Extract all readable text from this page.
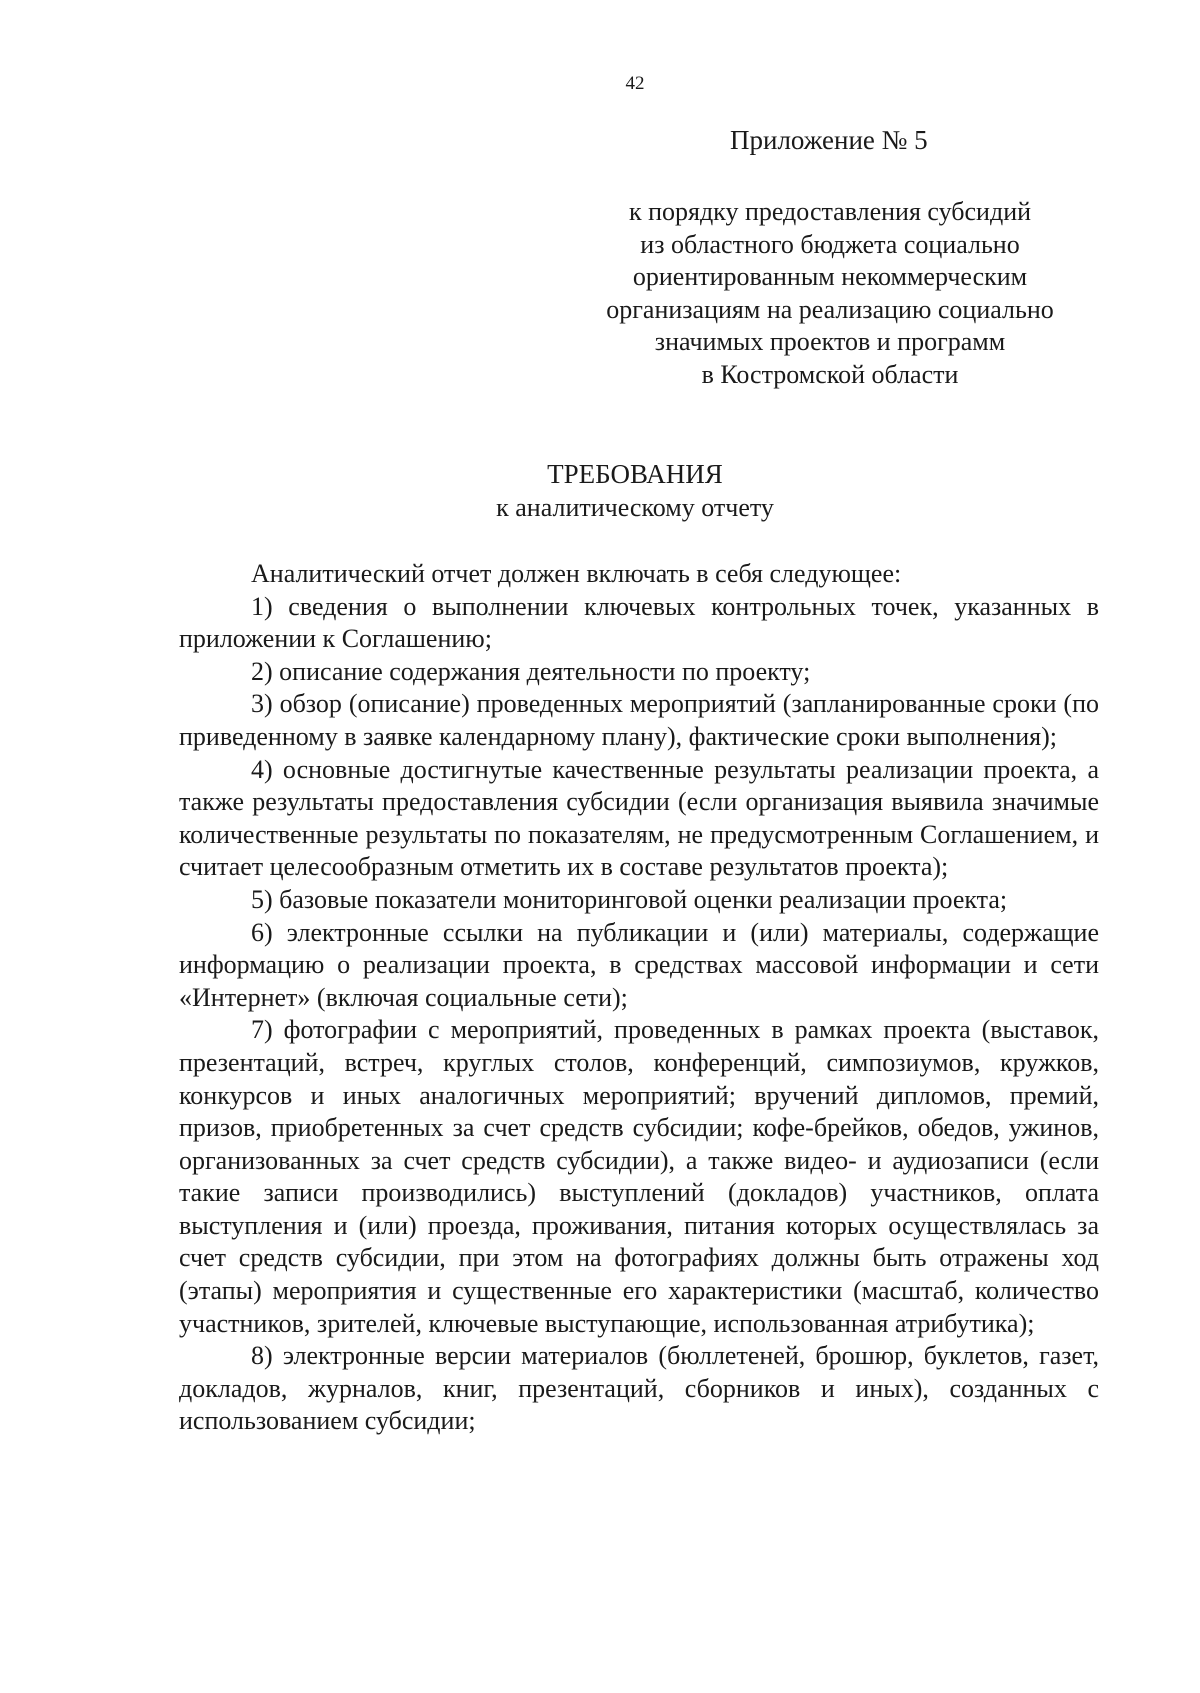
42
Приложение № 5
к порядку предоставления субсидий
из областного бюджета социально
ориентированным некоммерческим
организациям на реализацию социально
значимых проектов и программ
в Костромской области
ТРЕБОВАНИЯ
к аналитическому отчету

Аналитический отчет должен включать в себя следующее:

1) сведения о выполнении ключевых контрольных точек, указанных в приложении к Соглашению;

2) описание содержания деятельности по проекту;

3) обзор (описание) проведенных мероприятий (запланированные сроки (по приведенному в заявке календарному плану), фактические сроки выполнения);

4) основные достигнутые качественные результаты реализации проекта, а также результаты предоставления субсидии (если организация выявила значимые количественные результаты по показателям, не предусмотренным Соглашением, и считает целесообразным отметить их в составе результатов проекта);

5) базовые показатели мониторинговой оценки реализации проекта;

6) электронные ссылки на публикации и (или) материалы, содержащие информацию о реализации проекта, в средствах массовой информации и сети «Интернет» (включая социальные сети);

7) фотографии с мероприятий, проведенных в рамках проекта (выставок, презентаций, встреч, круглых столов, конференций, симпозиумов, кружков, конкурсов и иных аналогичных мероприятий; вручений дипломов, премий, призов, приобретенных за счет средств субсидии; кофе-брейков, обедов, ужинов, организованных за счет средств субсидии), а также видео- и аудиозаписи (если такие записи производились) выступлений (докладов) участников, оплата выступления и (или) проезда, проживания, питания которых осуществлялась за счет средств субсидии, при этом на фотографиях должны быть отражены ход (этапы) мероприятия и существенные его характеристики (масштаб, количество участников, зрителей, ключевые выступающие, использованная атрибутика);

8) электронные версии материалов (бюллетеней, брошюр, буклетов, газет, докладов, журналов, книг, презентаций, сборников и иных), созданных с использованием субсидии;
